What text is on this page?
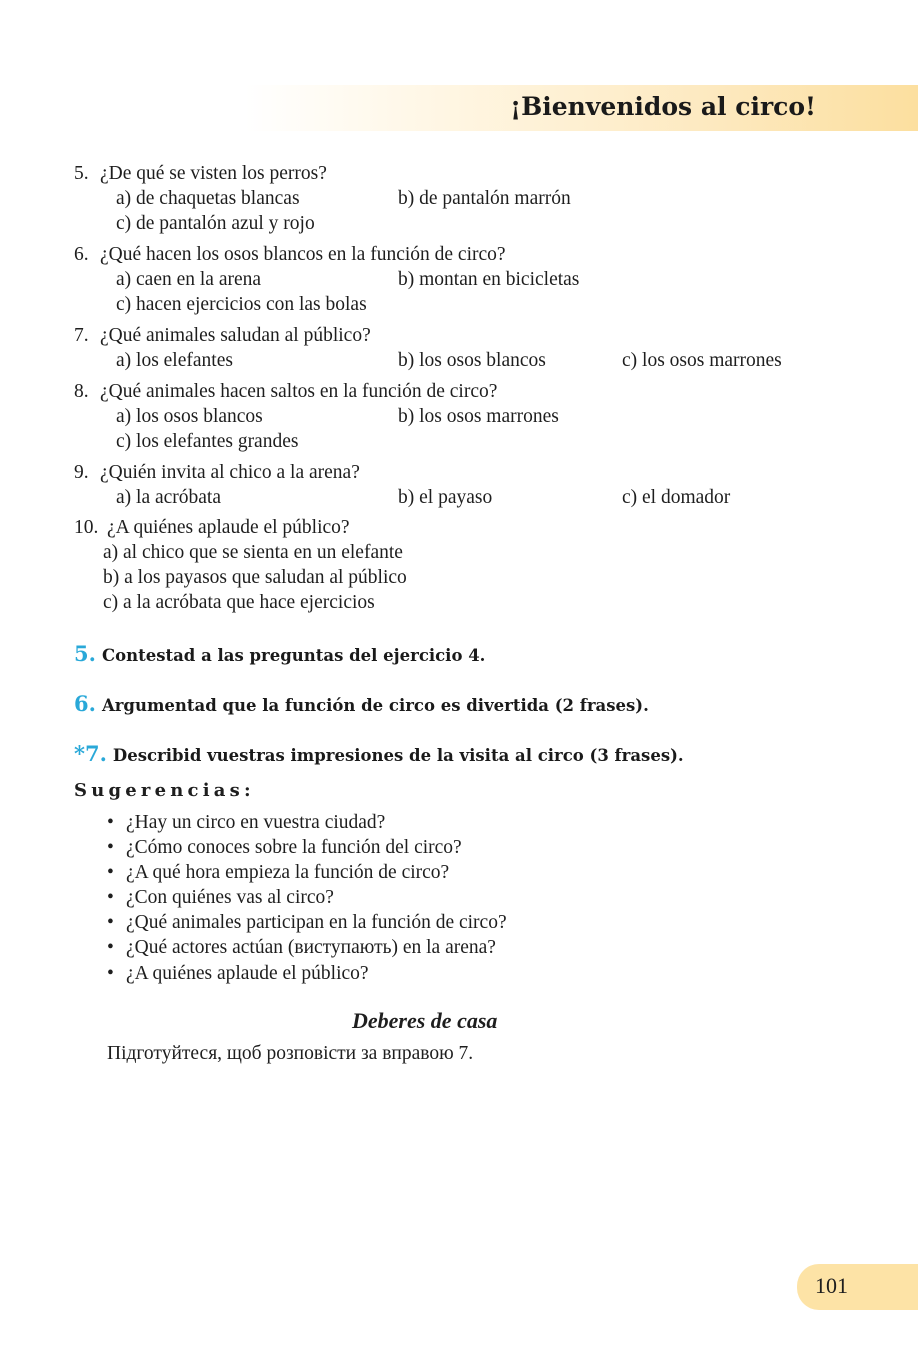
¡Bienvenidos al circo!
5. ¿De qué se visten los perros?
a) de chaquetas blancas	b) de pantalón marrón
c) de pantalón azul y rojo
6. ¿Qué hacen los osos blancos en la función de circo?
a) caen en la arena	b) montan en bicicletas
c) hacen ejercicios con las bolas
7. ¿Qué animales saludan al público?
a) los elefantes	b) los osos blancos	c) los osos marrones
8. ¿Qué animales hacen saltos en la función de circo?
a) los osos blancos	b) los osos marrones
c) los elefantes grandes
9. ¿Quién invita al chico a la arena?
a) la acróbata	b) el payaso	c) el domador
10. ¿A quiénes aplaude el público?
a) al chico que se sienta en un elefante
b) a los payasos que saludan al público
c) a la acróbata que hace ejercicios
5. Contestad a las preguntas del ejercicio 4.
6. Argumentad que la función de circo es divertida (2 frases).
*7. Describid vuestras impresiones de la visita al circo (3 frases).
Sugerencias:
• ¿Hay un circo en vuestra ciudad?
• ¿Cómo conoces sobre la función del circo?
• ¿A qué hora empieza la función de circo?
• ¿Con quiénes vas al circo?
• ¿Qué animales participan en la función de circo?
• ¿Qué actores actúan (виступають) en la arena?
• ¿A quiénes aplaude el público?
Deberes de casa
Підготуйтеся, щоб розповісти за вправою 7.
101
